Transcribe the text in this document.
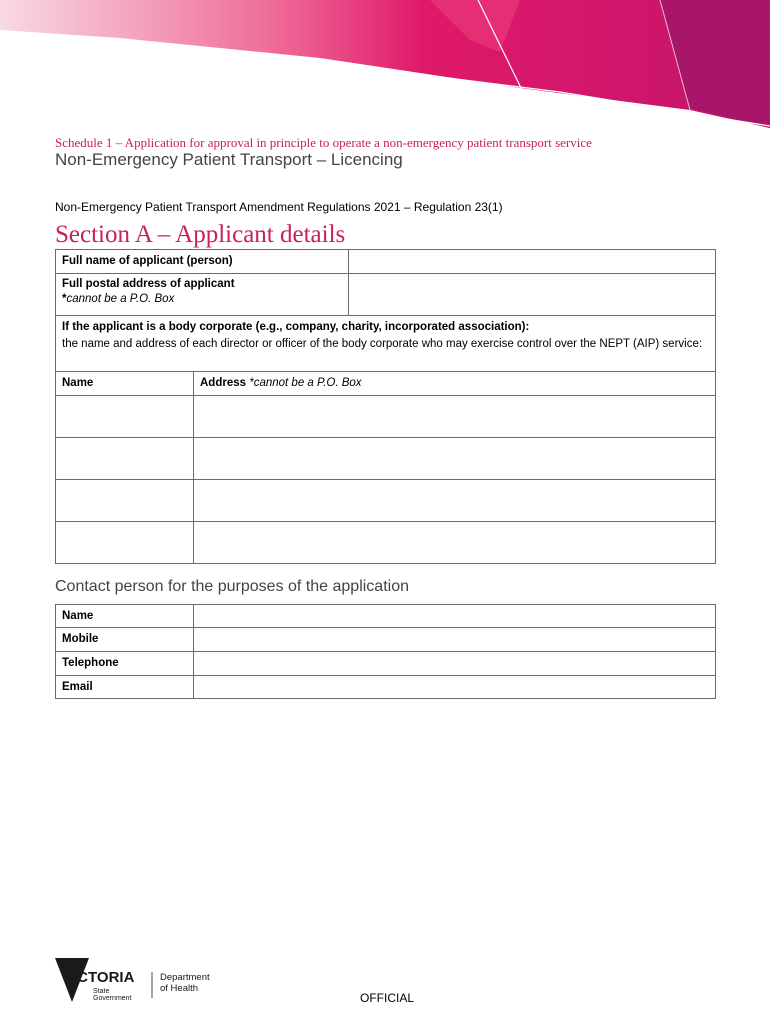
Schedule 1 – Application for approval in principle to operate a non-emergency patient transport service
Non-Emergency Patient Transport – Licencing
Non-Emergency Patient Transport Amendment Regulations 2021 – Regulation 23(1)
Section A – Applicant details
Full name of applicant (person)		

Full postal address of applicant
*cannot be a P.O. Box		

If the applicant is a body corporate (e.g., company, charity, incorporated association):
the name and address of each director or officer of the body corporate who may exercise control over the NEPT (AIP) service:		

Name	Address *cannot be a P.O. Box	

Contact person for the purposes of the application
Name	

Mobile	

Telephone	

Email	

VICTORIA
State
Government
Department
of Health
OFFICIAL
